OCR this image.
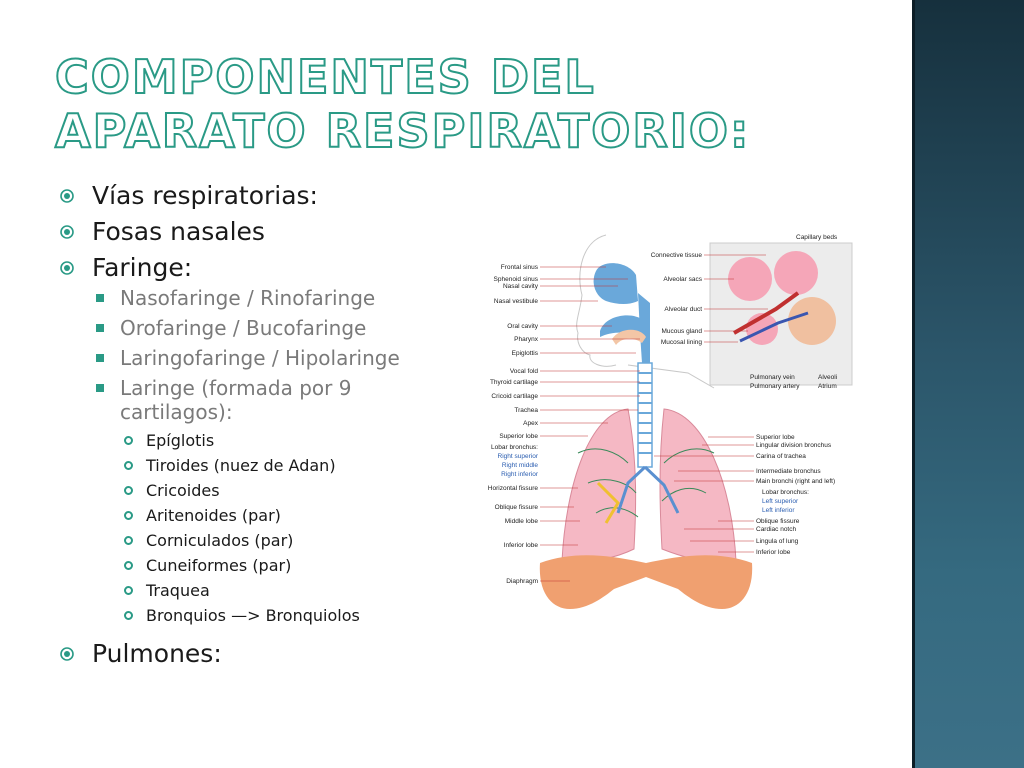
COMPONENTES DEL APARATO RESPIRATORIO:
Vías respiratorias:
Fosas nasales
Faringe:
Nasofaringe / Rinofaringe
Orofaringe / Bucofaringe
Laringofaringe / Hipolaringe
Laringe (formada por 9 cartilagos):
Epíglotis
Tiroides (nuez de Adan)
Cricoides
Aritenoides (par)
Corniculados (par)
Cuneiformes (par)
Traquea
Bronquios —> Bronquiolos
Pulmones:
Frontal sinus
Sphenoid sinus
Nasal cavity
Nasal vestibule
Oral cavity
Pharynx
Epiglottis
Vocal fold
Thyroid cartilage
Cricoid cartilage
Trachea
Apex
Superior lobe
Lobar bronchus:
Right superior
Right middle
Right inferior
Horizontal fissure
Oblique fissure
Middle lobe
Inferior lobe
Diaphragm
Superior lobe
Lingular division bronchus
Carina of trachea
Intermediate bronchus
Main bronchi (right and left)
Lobar bronchus:
Left superior
Left inferior
Oblique fissure
Cardiac notch
Lingula of lung
Inferior lobe
Capillary beds
Connective tissue
Alveolar sacs
Alveolar duct
Mucous gland
Mucosal lining
Pulmonary vein
Pulmonary artery
Alveoli
Atrium
